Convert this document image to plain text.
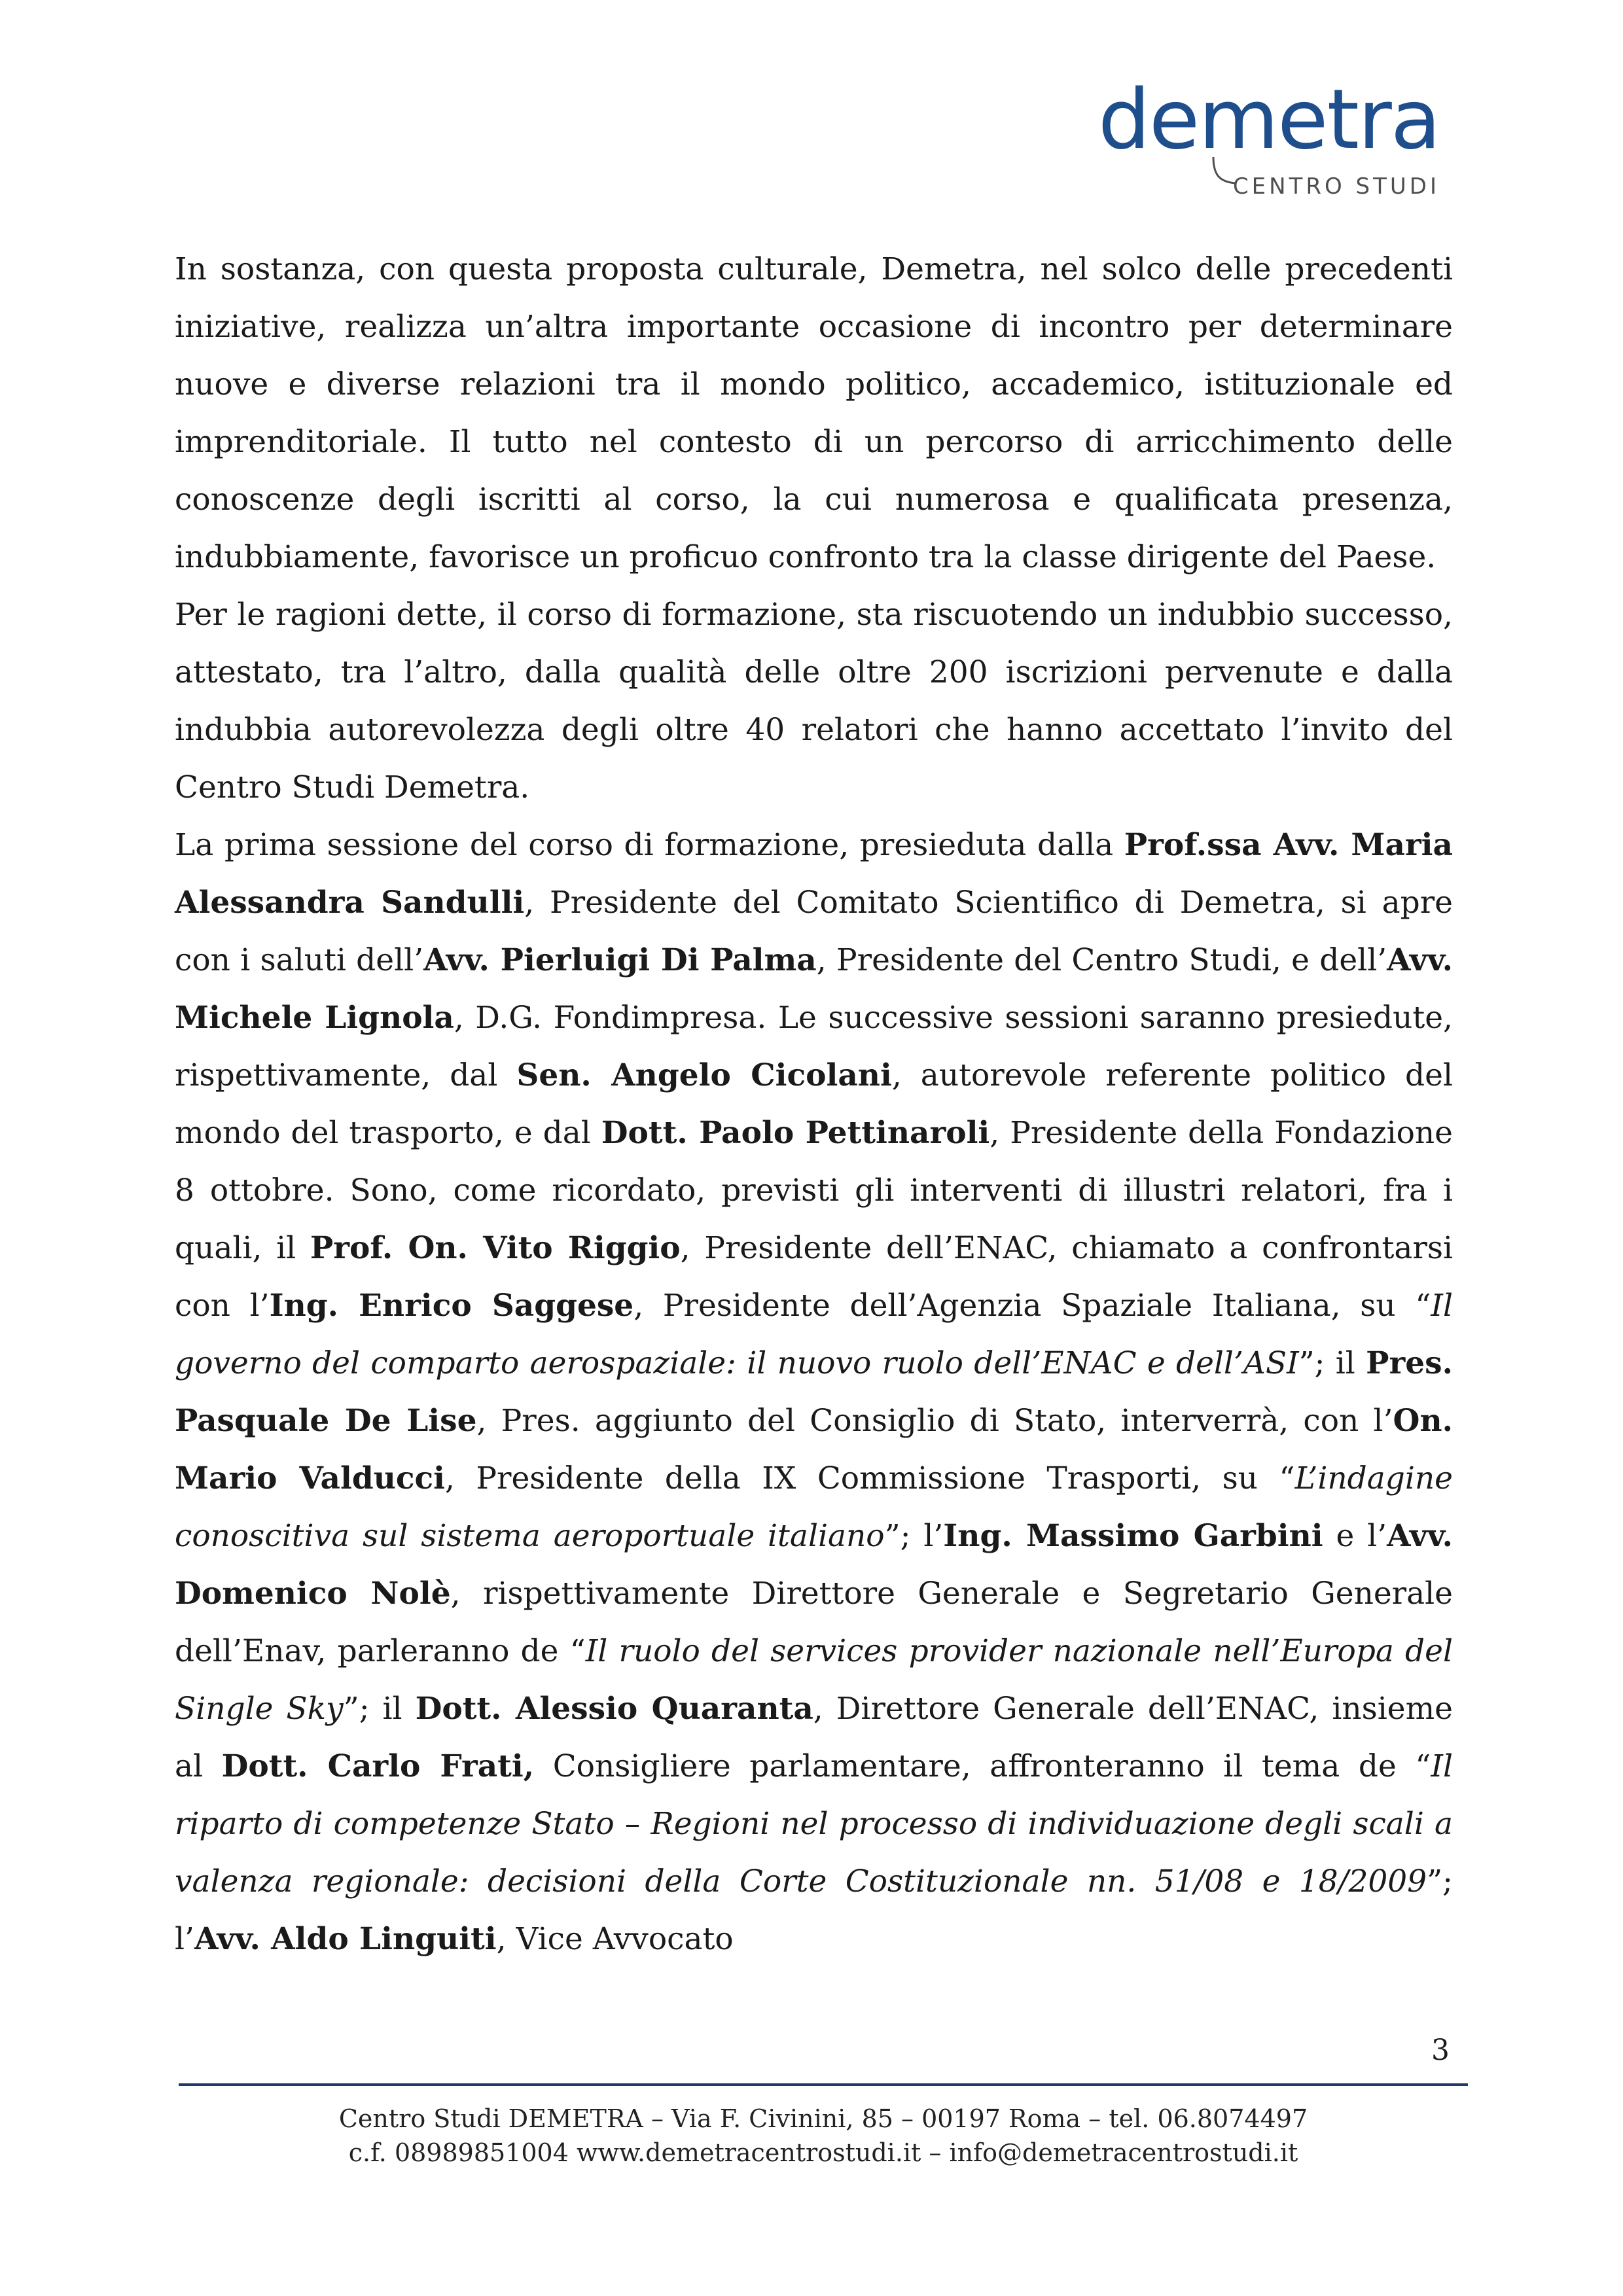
demetra
CENTRO STUDI

In sostanza, con questa proposta culturale, Demetra, nel solco delle precedenti iniziative, realizza un’altra importante occasione di incontro per determinare nuove e diverse relazioni tra il mondo politico, accademico, istituzionale ed imprenditoriale. Il tutto nel contesto di un percorso di arricchimento delle conoscenze degli iscritti al corso, la cui numerosa e qualificata presenza, indubbiamente, favorisce un proficuo confronto tra la classe dirigente del Paese.

Per le ragioni dette, il corso di formazione, sta riscuotendo un indubbio successo, attestato, tra l’altro, dalla qualità delle oltre 200 iscrizioni pervenute e dalla indubbia autorevolezza degli oltre 40 relatori che hanno accettato l’invito del Centro Studi Demetra.

La prima sessione del corso di formazione, presieduta dalla Prof.ssa Avv. Maria Alessandra Sandulli, Presidente del Comitato Scientifico di Demetra, si apre con i saluti dell’Avv. Pierluigi Di Palma, Presidente del Centro Studi, e dell’Avv. Michele Lignola, D.G. Fondimpresa. Le successive sessioni saranno presiedute, rispettivamente, dal Sen. Angelo Cicolani, autorevole referente politico del mondo del trasporto, e dal Dott. Paolo Pettinaroli, Presidente della Fondazione 8 ottobre. Sono, come ricordato, previsti gli interventi di illustri relatori, fra i quali, il Prof. On. Vito Riggio, Presidente dell’ENAC, chiamato a confrontarsi con l’Ing. Enrico Saggese, Presidente dell’Agenzia Spaziale Italiana, su “Il governo del comparto aerospaziale: il nuovo ruolo dell’ENAC e dell’ASI”; il Pres. Pasquale De Lise, Pres. aggiunto del Consiglio di Stato, interverrà, con l’On. Mario Valducci, Presidente della IX Commissione Trasporti, su “L’indagine conoscitiva sul sistema aeroportuale italiano”; l’Ing. Massimo Garbini e l’Avv. Domenico Nolè, rispettivamente Direttore Generale e Segretario Generale dell’Enav, parleranno de “Il ruolo del services provider nazionale nell’Europa del Single Sky”; il Dott. Alessio Quaranta, Direttore Generale dell’ENAC, insieme al Dott. Carlo Frati, Consigliere parlamentare, affronteranno il tema de “Il riparto di competenze Stato – Regioni nel processo di individuazione degli scali a valenza regionale: decisioni della Corte Costituzionale nn. 51/08 e 18/2009”; l’Avv. Aldo Linguiti, Vice Avvocato

3
Centro Studi DEMETRA – Via F. Civinini, 85 – 00197 Roma – tel. 06.8074497
c.f. 08989851004 www.demetracentrostudi.it – info@demetracentrostudi.it
